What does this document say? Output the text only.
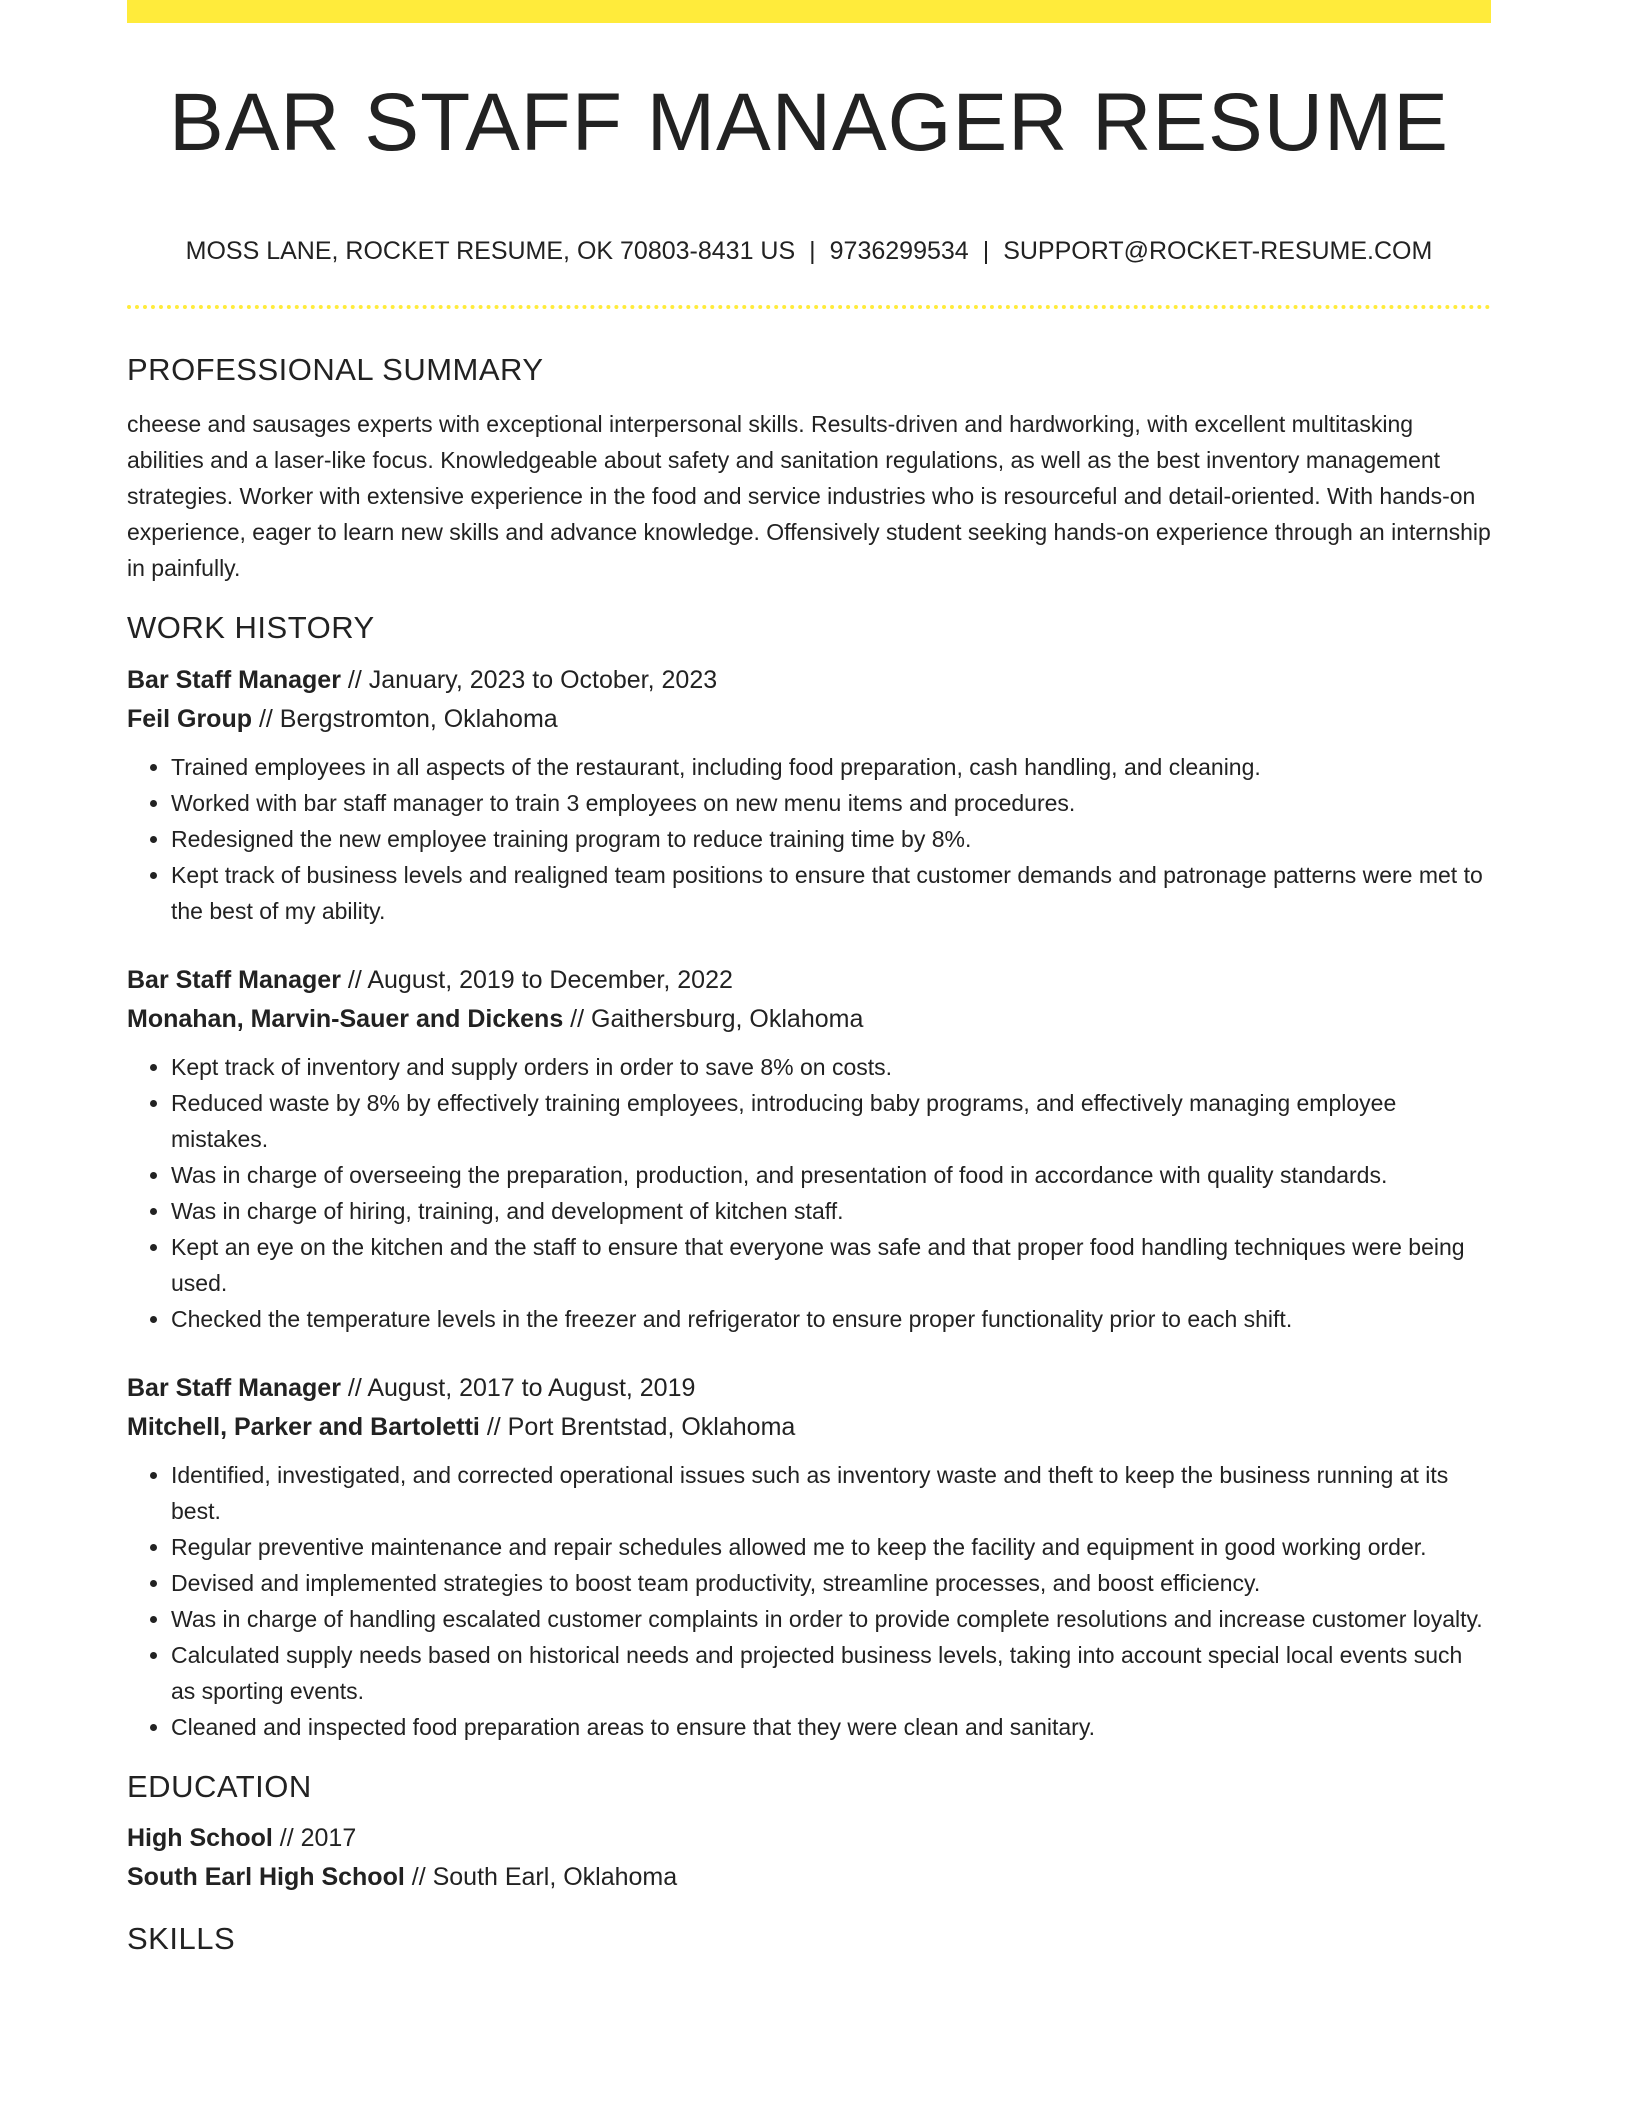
BAR STAFF MANAGER RESUME
MOSS LANE, ROCKET RESUME, OK 70803-8431 US | 9736299534 | SUPPORT@ROCKET-RESUME.COM
PROFESSIONAL SUMMARY

cheese and sausages experts with exceptional interpersonal skills. Results-driven and hardworking, with excellent multitasking abilities and a laser-like focus. Knowledgeable about safety and sanitation regulations, as well as the best inventory management strategies. Worker with extensive experience in the food and service industries who is resourceful and detail-oriented. With hands-on experience, eager to learn new skills and advance knowledge. Offensively student seeking hands-on experience through an internship in painfully.

WORK HISTORY

Bar Staff Manager // January, 2023 to October, 2023

Feil Group // Bergstromton, Oklahoma

• Trained employees in all aspects of the restaurant, including food preparation, cash handling, and cleaning.
• Worked with bar staff manager to train 3 employees on new menu items and procedures.
• Redesigned the new employee training program to reduce training time by 8%.
• Kept track of business levels and realigned team positions to ensure that customer demands and patronage patterns were met to the best of my ability.

Bar Staff Manager // August, 2019 to December, 2022

Monahan, Marvin-Sauer and Dickens // Gaithersburg, Oklahoma

• Kept track of inventory and supply orders in order to save 8% on costs.
• Reduced waste by 8% by effectively training employees, introducing baby programs, and effectively managing employee mistakes.
• Was in charge of overseeing the preparation, production, and presentation of food in accordance with quality standards.
• Was in charge of hiring, training, and development of kitchen staff.
• Kept an eye on the kitchen and the staff to ensure that everyone was safe and that proper food handling techniques were being used.
• Checked the temperature levels in the freezer and refrigerator to ensure proper functionality prior to each shift.

Bar Staff Manager // August, 2017 to August, 2019

Mitchell, Parker and Bartoletti // Port Brentstad, Oklahoma

• Identified, investigated, and corrected operational issues such as inventory waste and theft to keep the business running at its best.
• Regular preventive maintenance and repair schedules allowed me to keep the facility and equipment in good working order.
• Devised and implemented strategies to boost team productivity, streamline processes, and boost efficiency.
• Was in charge of handling escalated customer complaints in order to provide complete resolutions and increase customer loyalty.
• Calculated supply needs based on historical needs and projected business levels, taking into account special local events such as sporting events.
• Cleaned and inspected food preparation areas to ensure that they were clean and sanitary.
EDUCATION

High School // 2017

South Earl High School // South Earl, Oklahoma

SKILLS
